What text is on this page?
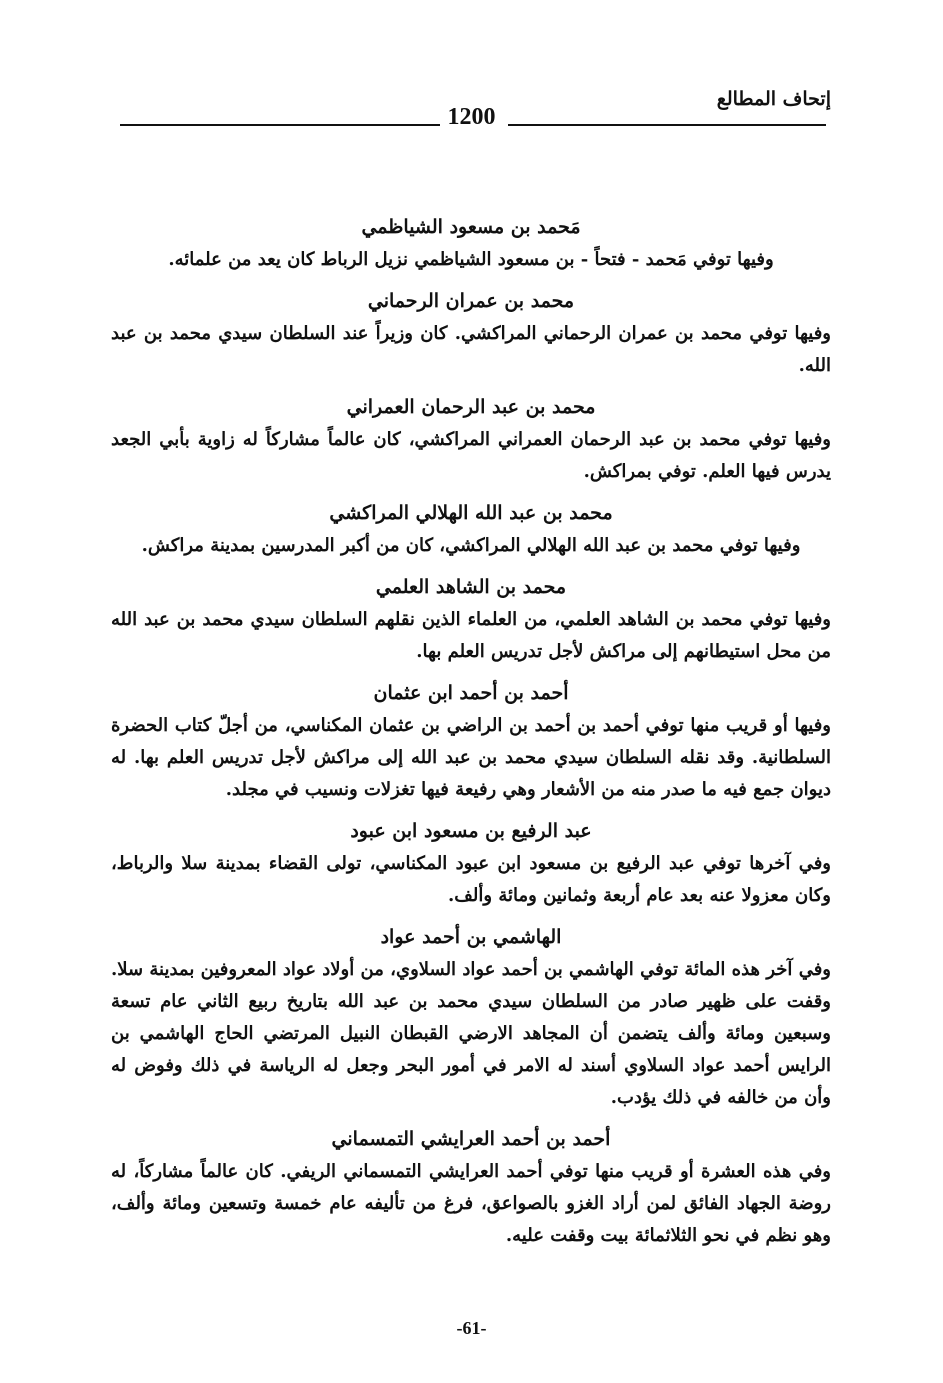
إتحاف المطالع
1200
مَحمد بن مسعود الشياظمي

وفيها توفي مَحمد - فتحاً - بن مسعود الشياظمي نزيل الرباط كان يعد من علمائه.

محمد بن عمران الرحماني

وفيها توفي محمد بن عمران الرحماني المراكشي. كان وزيراً عند السلطان سيدي محمد بن عبد الله.

محمد بن عبد الرحمان العمراني

وفيها توفي محمد بن عبد الرحمان العمراني المراكشي، كان عالماً مشاركاً له زاوية بأبي الجعد يدرس فيها العلم. توفي بمراكش.

محمد بن عبد الله الهلالي المراكشي

وفيها توفي محمد بن عبد الله الهلالي المراكشي، كان من أكبر المدرسين بمدينة مراكش.

محمد بن الشاهد العلمي

وفيها توفي محمد بن الشاهد العلمي، من العلماء الذين نقلهم السلطان سيدي محمد بن عبد الله من محل استيطانهم إلى مراكش لأجل تدريس العلم بها.

أحمد بن أحمد ابن عثمان

وفيها أو قريب منها توفي أحمد بن أحمد بن الراضي بن عثمان المكناسي، من أجلّ كتاب الحضرة السلطانية. وقد نقله السلطان سيدي محمد بن عبد الله إلى مراكش لأجل تدريس العلم بها. له ديوان جمع فيه ما صدر منه من الأشعار وهي رفيعة فيها تغزلات ونسيب في مجلد.

عبد الرفيع بن مسعود ابن عبود

وفي آخرها توفي عبد الرفيع بن مسعود ابن عبود المكناسي، تولى القضاء بمدينة سلا والرباط، وكان معزولا عنه بعد عام أربعة وثمانين ومائة وألف.

الهاشمي بن أحمد عواد

وفي آخر هذه المائة توفي الهاشمي بن أحمد عواد السلاوي، من أولاد عواد المعروفين بمدينة سلا. وقفت على ظهير صادر من السلطان سيدي محمد بن عبد الله بتاريخ ربيع الثاني عام تسعة وسبعين ومائة وألف يتضمن أن المجاهد الارضي القبطان النبيل المرتضي الحاج الهاشمي بن الرايس أحمد عواد السلاوي أسند له الامر في أمور البحر وجعل له الرياسة في ذلك وفوض له وأن من خالفه في ذلك يؤدب.

أحمد بن أحمد العرايشي التمسماني

وفي هذه العشرة أو قريب منها توفي أحمد العرايشي التمسماني الريفي. كان عالماً مشاركاً، له روضة الجهاد الفائق لمن أراد الغزو بالصواعق، فرغ من تأليفه عام خمسة وتسعين ومائة وألف، وهو نظم في نحو الثلاثمائة بيت وقفت عليه.

-61-
